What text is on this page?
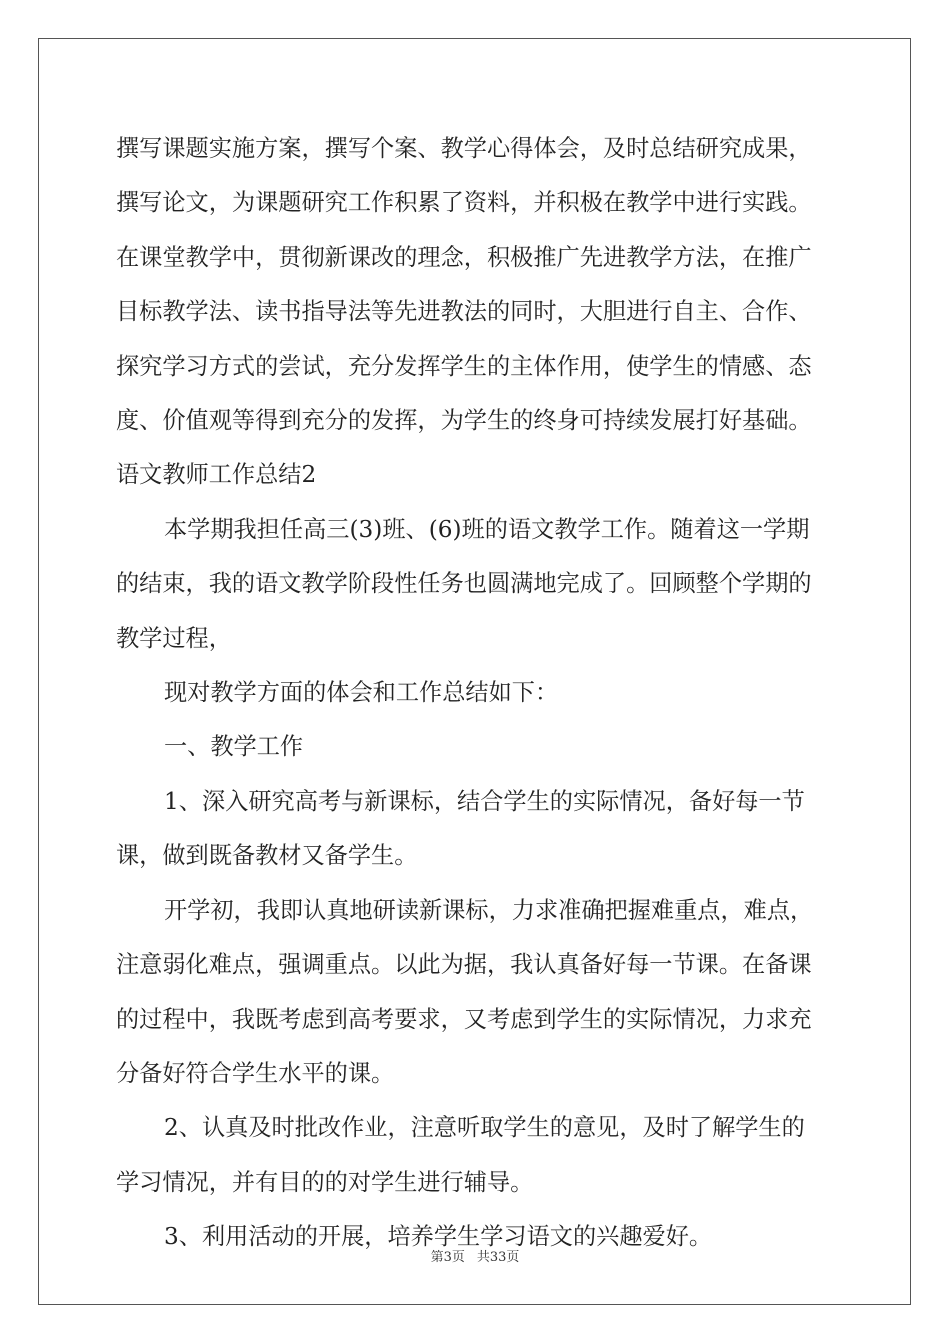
撰写课题实施方案，撰写个案、教学心得体会，及时总结研究成果，

撰写论文，为课题研究工作积累了资料，并积极在教学中进行实践。

在课堂教学中，贯彻新课改的理念，积极推广先进教学方法，在推广

目标教学法、读书指导法等先进教法的同时，大胆进行自主、合作、

探究学习方式的尝试，充分发挥学生的主体作用，使学生的情感、态

度、价值观等得到充分的发挥，为学生的终身可持续发展打好基础。

语文教师工作总结2

本学期我担任高三(3)班、(6)班的语文教学工作。随着这一学期

的结束，我的语文教学阶段性任务也圆满地完成了。回顾整个学期的

教学过程，

现对教学方面的体会和工作总结如下：

一、教学工作

1、深入研究高考与新课标，结合学生的实际情况，备好每一节

课，做到既备教材又备学生。

开学初，我即认真地研读新课标，力求准确把握难重点，难点，

注意弱化难点，强调重点。以此为据，我认真备好每一节课。在备课

的过程中，我既考虑到高考要求，又考虑到学生的实际情况，力求充

分备好符合学生水平的课。

2、认真及时批改作业，注意听取学生的意见，及时了解学生的

学习情况，并有目的的对学生进行辅导。

3、利用活动的开展，培养学生学习语文的兴趣爱好。

第3页 共33页
